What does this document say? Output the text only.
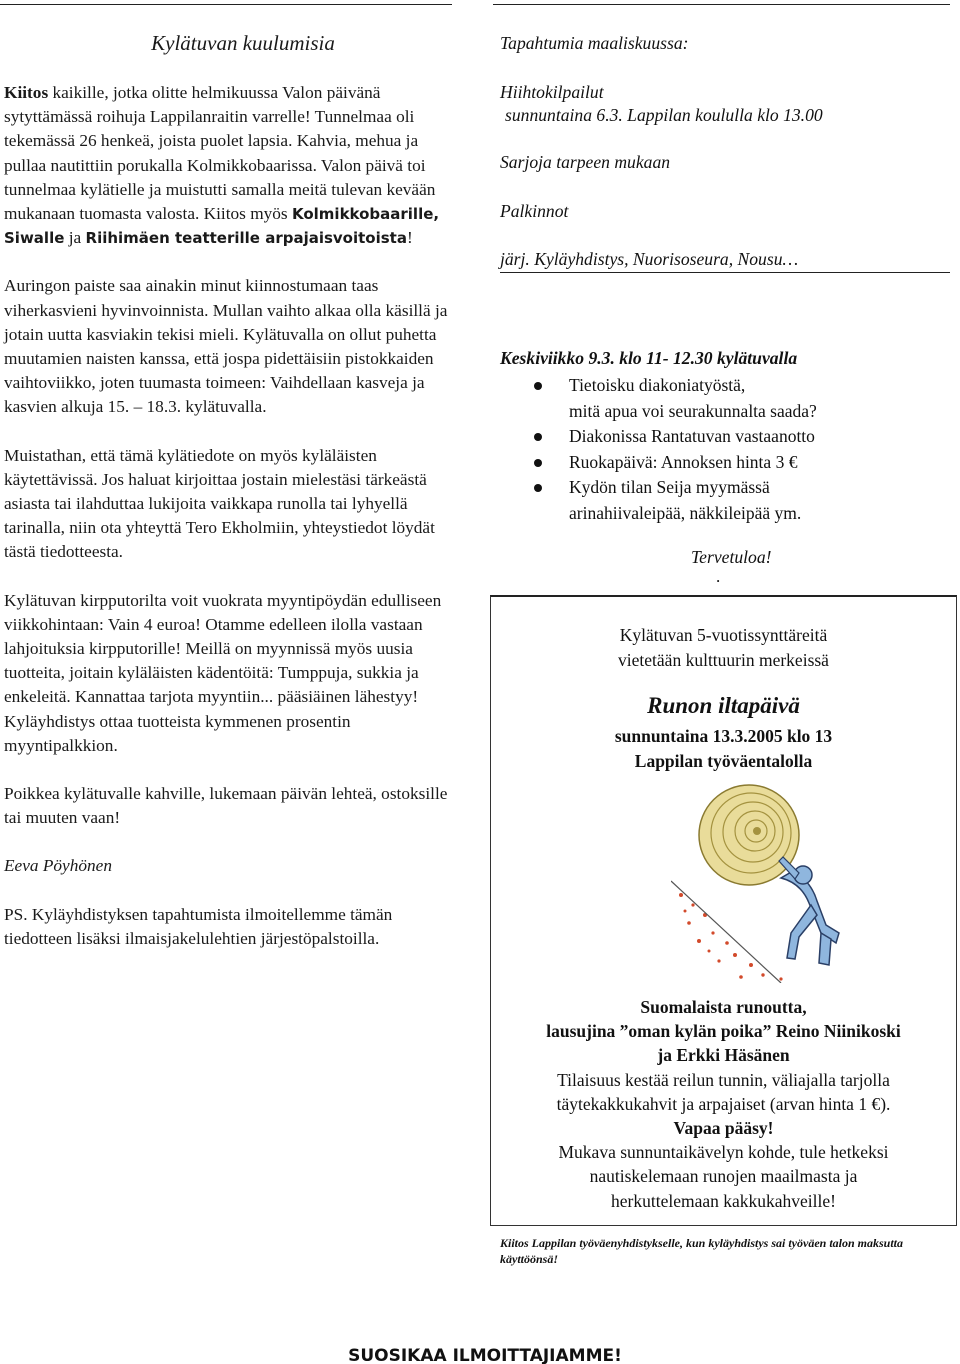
Kylätuvan kuulumisia

Kiitos kaikille, jotka olitte helmikuussa Valon päivänä sytyttämässä roihuja Lappilanraitin varrelle! Tunnelmaa oli tekemässä 26 henkeä, joista puolet lapsia. Kahvia, mehua ja pullaa nautittiin porukalla Kolmikkobaarissa. Valon päivä toi tunnelmaa kylätielle ja muistutti samalla meitä tulevan kevään mukanaan tuomasta valosta. Kiitos myös Kolmikkobaarille, Siwalle ja Riihimäen teatterille arpajaisvoitoista!

Auringon paiste saa ainakin minut kiinnostumaan taas viherkasvieni hyvinvoinnista. Mullan vaihto alkaa olla käsillä ja jotain uutta kasviakin tekisi mieli. Kylätuvalla on ollut puhetta muutamien naisten kanssa, että jospa pidettäisiin pistokkaiden vaihtoviikko, joten tuumasta toimeen: Vaihdellaan kasveja ja kasvien alkuja 15. – 18.3. kylätuvalla.

Muistathan, että tämä kylätiedote on myös kyläläisten käytettävissä. Jos haluat kirjoittaa jostain mielestäsi tärkeästä asiasta tai ilahduttaa lukijoita vaikkapa runolla tai lyhyellä tarinalla, niin ota yhteyttä Tero Ekholmiin, yhteystiedot löydät tästä tiedotteesta.

Kylätuvan kirpputorilta voit vuokrata myyntipöydän edulliseen viikkohintaan: Vain 4 euroa! Otamme edelleen ilolla vastaan lahjoituksia kirpputorille! Meillä on myynnissä myös uusia tuotteita, joitain kyläläisten kädentöitä: Tumppuja, sukkia ja enkeleitä. Kannattaa tarjota myyntiin... pääsiäinen lähestyy! Kyläyhdistys ottaa tuotteista kymmenen prosentin myyntipalkkion.

Poikkea kylätuvalle kahville, lukemaan päivän lehteä, ostoksille tai muuten vaan!

Eeva Pöyhönen

PS. Kyläyhdistyksen tapahtumista ilmoitellemme tämän tiedotteen lisäksi ilmaisjakelulehtien järjestöpalstoilla.

Tapahtumia maaliskuussa:
Hiihtokilpailut
sunnuntaina 6.3. Lappilan koululla klo 13.00
Sarjoja tarpeen mukaan
Palkinnot
järj. Kyläyhdistys, Nuorisoseura, Nousu…
Keskiviikko 9.3. klo 11- 12.30 kylätuvalla
Tietoisku diakoniatyöstä,
mitä apua voi seurakunnalta saada?
Diakonissa Rantatuvan vastaanotto
Ruokapäivä: Annoksen hinta 3 €
Kydön tilan Seija myymässä
arinahiivaleipää, näkkileipää ym.
Tervetuloa!
.
Kylätuvan 5-vuotissynttäreitä
vietetään kulttuurin merkeissä
Runon iltapäivä
sunnuntaina 13.3.2005 klo 13
Lappilan työväentalolla
Suomalaista runoutta,
lausujina ”oman kylän poika” Reino Niinikoski
ja Erkki Häsänen
Tilaisuus kestää reilun tunnin, väliajalla tarjolla
täytekakkukahvit ja arpajaiset (arvan hinta 1 €).
Vapaa pääsy!
Mukava sunnuntaikävelyn kohde, tule hetkeksi
nautiskelemaan runojen maailmasta ja
herkuttelemaan kakkukahveille!
Kiitos Lappilan työväenyhdistykselle, kun kyläyhdistys sai työväen talon maksutta käyttöönsä!
SUOSIKAA ILMOITTAJIAMME!
